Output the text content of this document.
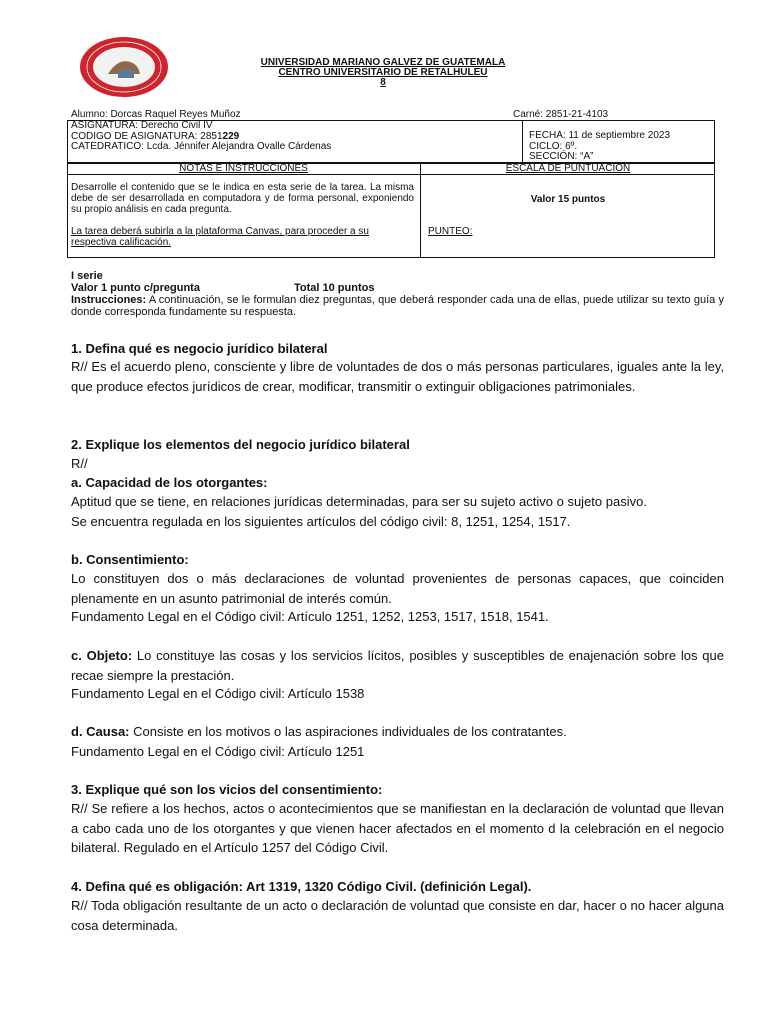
UNIVERSIDAD MARIANO GALVEZ DE GUATEMALA
CENTRO UNIVERSITARIO DE RETALHULEU
8
Alumno: Dorcas Raquel Reyes Muñoz	Carné: 2851-21-4103
ASIGNATURA: Derecho Civil IV
CODIGO DE ASIGNATURA: 2851229
CATEDRATICO: Lcda. Jénnifer Alejandra Ovalle Cárdenas
FECHA: 11 de septiembre 2023
CICLO: 6º.
SECCIÓN: “A”
NOTAS E INSTRUCCIONES	ESCALA DE PUNTUACIÓN
Desarrolle el contenido que se le indica en esta serie de la tarea. La misma debe de ser desarrollada en computadora y de forma personal, exponiendo su propio análisis en cada pregunta.
La tarea deberá subirla a la plataforma Canvas, para proceder a su respectiva calificación.
Valor 15 puntos
PUNTEO:
I serie
Valor 1 punto c/pregunta	Total 10 puntos
Instrucciones: A continuación, se le formulan diez preguntas, que deberá responder cada una de ellas, puede utilizar su texto guía y donde corresponda fundamente su respuesta.
1. Defina qué es negocio jurídico bilateral
R// Es el acuerdo pleno, consciente y libre de voluntades de dos o más personas particulares, iguales ante la ley, que produce efectos jurídicos de crear, modificar, transmitir o extinguir obligaciones patrimoniales.
2. Explique los elementos del negocio jurídico bilateral
R//
a. Capacidad de los otorgantes:
Aptitud que se tiene, en relaciones jurídicas determinadas, para ser su sujeto activo o sujeto pasivo.
Se encuentra regulada en los siguientes artículos del código civil: 8, 1251, 1254, 1517.
b. Consentimiento:
Lo constituyen dos o más declaraciones de voluntad provenientes de personas capaces, que coinciden plenamente en un asunto patrimonial de interés común.
Fundamento Legal en el Código civil: Artículo 1251, 1252, 1253, 1517, 1518, 1541.
c. Objeto: Lo constituye las cosas y los servicios lícitos, posibles y susceptibles de enajenación sobre los que recae siempre la prestación.
Fundamento Legal en el Código civil: Artículo 1538
d. Causa: Consiste en los motivos o las aspiraciones individuales de los contratantes.
Fundamento Legal en el Código civil: Artículo 1251
3. Explique qué son los vicios del consentimiento:
R// Se refiere a los hechos, actos o acontecimientos que se manifiestan en la declaración de voluntad que llevan a cabo cada uno de los otorgantes y que vienen hacer afectados en el momento d la celebración en el negocio bilateral. Regulado en el Artículo 1257 del Código Civil.
4. Defina qué es obligación: Art 1319, 1320 Código Civil. (definición Legal).
R// Toda obligación resultante de un acto o declaración de voluntad que consiste en dar, hacer o no hacer alguna cosa determinada.
